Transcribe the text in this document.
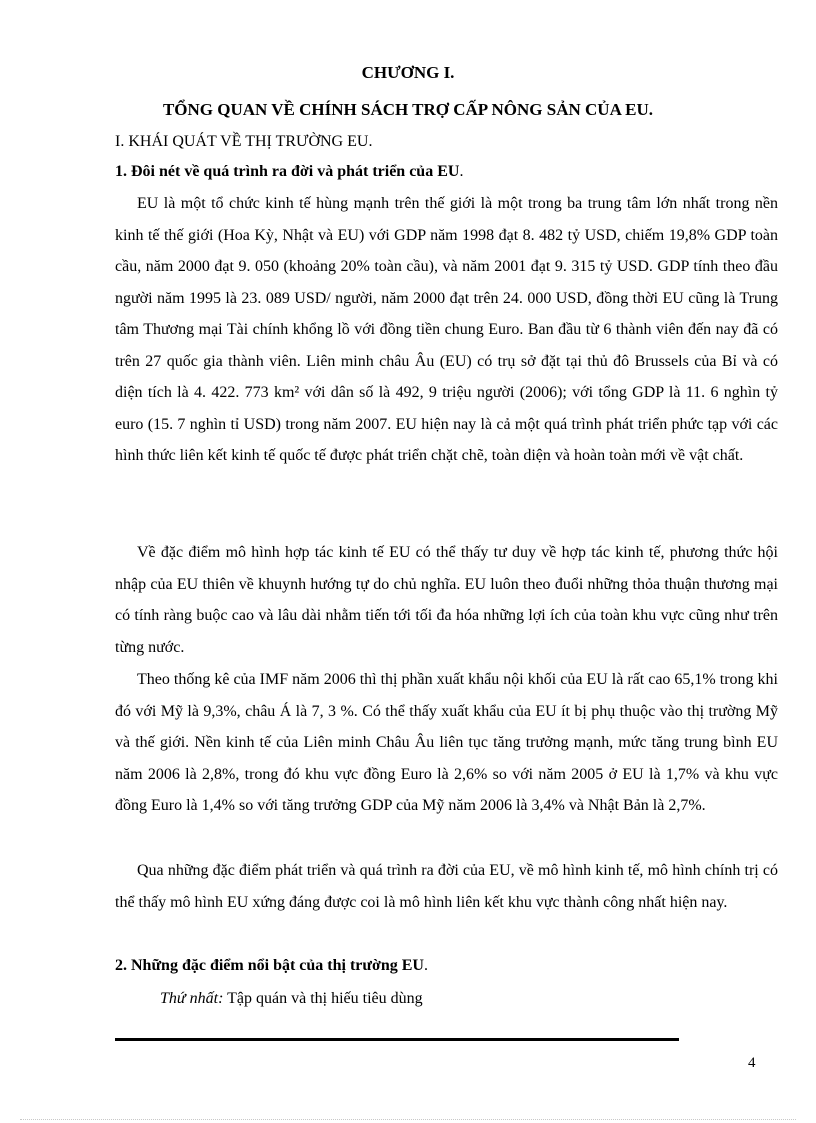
CHƯƠNG I.

TỔNG QUAN VỀ CHÍNH SÁCH TRỢ CẤP NÔNG SẢN CỦA EU.

I. KHÁI QUÁT VỀ THỊ TRƯỜNG EU.

1. Đôi nét về quá trình ra đời và phát triển của EU.

EU là một tổ chức kinh tế hùng mạnh trên thế giới là một trong ba trung tâm lớn nhất trong nền kinh tế thế giới (Hoa Kỳ, Nhật và EU) với GDP năm 1998 đạt 8. 482 tỷ USD, chiếm 19,8% GDP toàn cầu, năm 2000 đạt 9. 050 (khoảng 20% toàn cầu), và năm 2001 đạt 9. 315 tỷ USD. GDP tính theo đầu người năm 1995 là 23. 089 USD/ người, năm 2000 đạt trên 24. 000 USD, đồng thời EU cũng là Trung tâm Thương mại Tài chính khổng lồ với đồng tiền chung Euro. Ban đầu từ 6 thành viên đến nay đã có trên 27 quốc gia thành viên. Liên minh châu Âu (EU) có trụ sở đặt tại thủ đô Brussels của Bỉ và có diện tích là 4. 422. 773 km² với dân số là 492, 9 triệu người (2006); với tổng GDP là 11. 6 nghìn tỷ euro (15. 7 nghìn tỉ USD) trong năm 2007. EU hiện nay là cả một quá trình phát triển phức tạp với các hình thức liên kết kinh tế quốc tế được phát triển chặt chẽ, toàn diện và hoàn toàn mới về vật chất.

Về đặc điểm mô hình hợp tác kinh tế EU có thể thấy tư duy về hợp tác kinh tế, phương thức hội nhập của EU thiên về khuynh hướng tự do chủ nghĩa. EU luôn theo đuổi những thỏa thuận thương mại có tính ràng buộc cao và lâu dài nhằm tiến tới tối đa hóa những lợi ích của toàn khu vực cũng như trên từng nước.

Theo thống kê của IMF năm 2006 thì thị phần xuất khẩu nội khối của EU là rất cao 65,1% trong khi đó với Mỹ là 9,3%, châu Á là 7, 3 %. Có thể thấy xuất khẩu của EU ít bị phụ thuộc vào thị trường Mỹ và thế giới. Nền kinh tế của Liên minh Châu Âu liên tục tăng trưởng mạnh, mức tăng trung bình EU năm 2006 là 2,8%, trong đó khu vực đồng Euro là 2,6% so với năm 2005 ở EU là 1,7% và khu vực đồng Euro là 1,4% so với tăng trưởng GDP của Mỹ năm 2006 là 3,4% và Nhật Bản là 2,7%.

Qua những đặc điểm phát triển và quá trình ra đời của EU, về mô hình kinh tế, mô hình chính trị có thể thấy mô hình EU xứng đáng được coi là mô hình liên kết khu vực thành công nhất hiện nay.

2. Những đặc điểm nổi bật của thị trường EU.

Thứ nhất: Tập quán và thị hiếu tiêu dùng

4
